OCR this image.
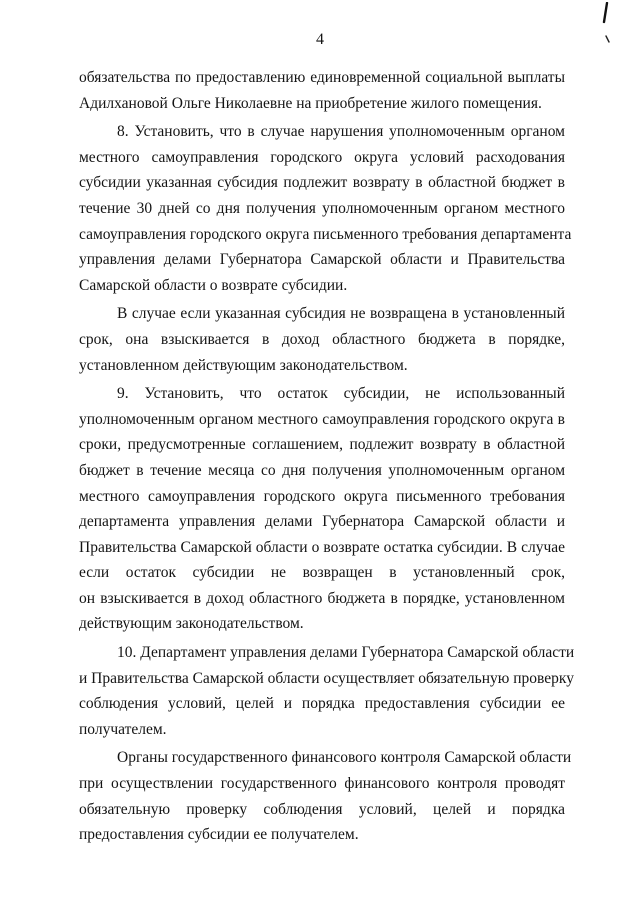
4
обязательства по предоставлению единовременной социальной выплаты
Адилхановой Ольге Николаевне на приобретение жилого помещения.
8. Установить, что в случае нарушения уполномоченным органом
местного самоуправления городского округа условий расходования
субсидии указанная субсидия подлежит возврату в областной бюджет в
течение 30 дней со дня получения уполномоченным органом местного
самоуправления городского округа письменного требования департамента
управления делами Губернатора Самарской области и Правительства
Самарской области о возврате субсидии.
В случае если указанная субсидия не возвращена в установленный
срок, она взыскивается в доход областного бюджета в порядке,
установленном действующим законодательством.
9. Установить, что остаток субсидии, не использованный
уполномоченным органом местного самоуправления городского округа в
сроки, предусмотренные соглашением, подлежит возврату в областной
бюджет в течение месяца со дня получения уполномоченным органом
местного самоуправления городского округа письменного требования
департамента управления делами Губернатора Самарской области и
Правительства Самарской области о возврате остатка субсидии. В случае
если остаток субсидии не возвращен в установленный срок,
он взыскивается в доход областного бюджета в порядке, установленном
действующим законодательством.
10. Департамент управления делами Губернатора Самарской области
и Правительства Самарской области осуществляет обязательную проверку
соблюдения условий, целей и порядка предоставления субсидии ее
получателем.
Органы государственного финансового контроля Самарской области
при осуществлении государственного финансового контроля проводят
обязательную проверку соблюдения условий, целей и порядка
предоставления субсидии ее получателем.
